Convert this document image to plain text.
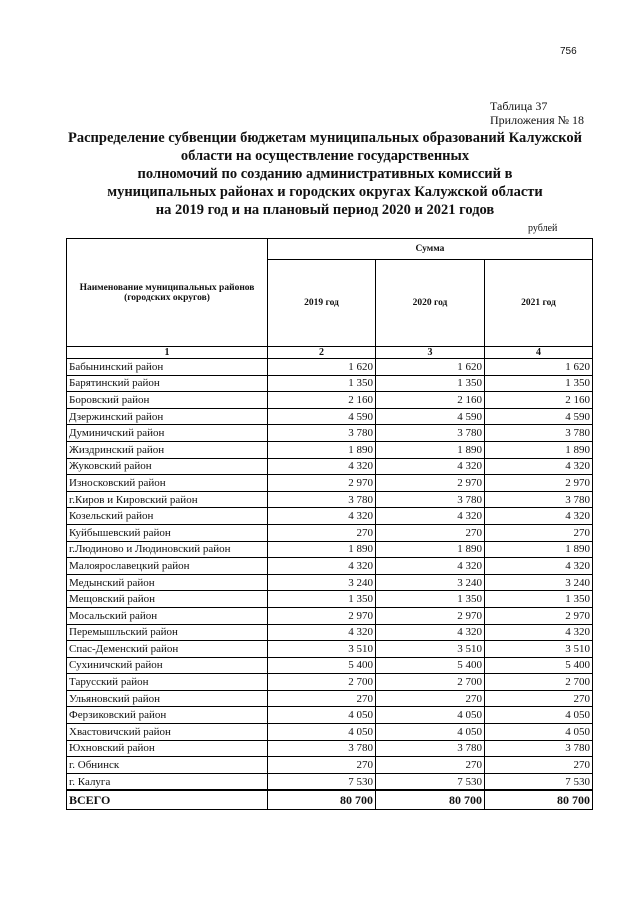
756
Таблица 37
Приложения № 18
Распределение субвенции бюджетам муниципальных образований Калужской
области на осуществление государственных
полномочий по созданию административных комиссий в
муниципальных районах и городских округах Калужской области
на 2019 год и на плановый период 2020 и 2021 годов
рублей
Наименование муниципальных районов (городских округов)	Сумма		
	2019 год	2020 год	2021 год
1	2	3	4
Бабынинский район	1 620	1 620	1 620
Барятинский район	1 350	1 350	1 350
Боровский район	2 160	2 160	2 160
Дзержинский район	4 590	4 590	4 590
Думиничский район	3 780	3 780	3 780
Жиздринский район	1 890	1 890	1 890
Жуковский район	4 320	4 320	4 320
Износковский район	2 970	2 970	2 970
г.Киров и Кировский район	3 780	3 780	3 780
Козельский район	4 320	4 320	4 320
Куйбышевский район	270	270	270
г.Людиново и Людиновский район	1 890	1 890	1 890
Малоярославецкий район	4 320	4 320	4 320
Медынский район	3 240	3 240	3 240
Мещовский район	1 350	1 350	1 350
Мосальский район	2 970	2 970	2 970
Перемышльский район	4 320	4 320	4 320
Спас-Деменский район	3 510	3 510	3 510
Сухиничский район	5 400	5 400	5 400
Тарусский район	2 700	2 700	2 700
Ульяновский район	270	270	270
Ферзиковский район	4 050	4 050	4 050
Хвастовичский район	4 050	4 050	4 050
Юхновский район	3 780	3 780	3 780
г. Обнинск	270	270	270
г. Калуга	7 530	7 530	7 530
ВСЕГО	80 700	80 700	80 700
